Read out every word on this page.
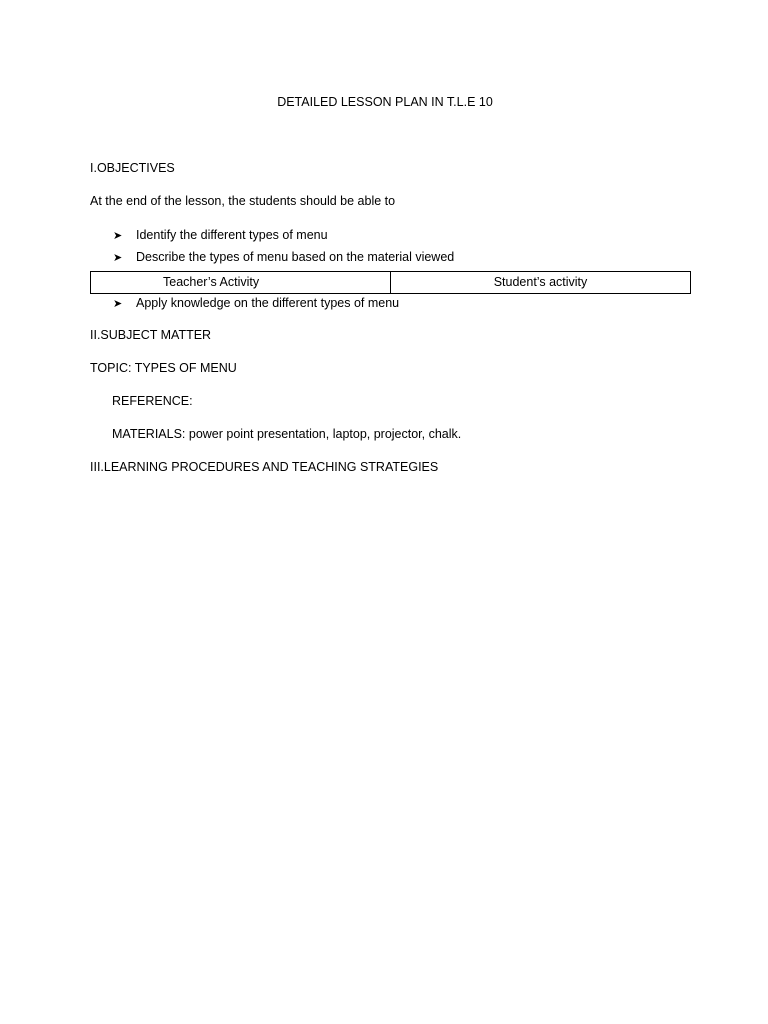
DETAILED LESSON PLAN IN T.L.E 10
I.OBJECTIVES
At the end of the lesson, the students should be able to
➤ Identify the different types of menu
➤ Describe the types of menu based on the material viewed
Teacher’s Activity	Student’s activity
➤ Apply knowledge on the different types of menu
II.SUBJECT MATTER
TOPIC: TYPES OF MENU
REFERENCE:
MATERIALS: power point presentation, laptop, projector, chalk.
III.LEARNING PROCEDURES AND TEACHING STRATEGIES
